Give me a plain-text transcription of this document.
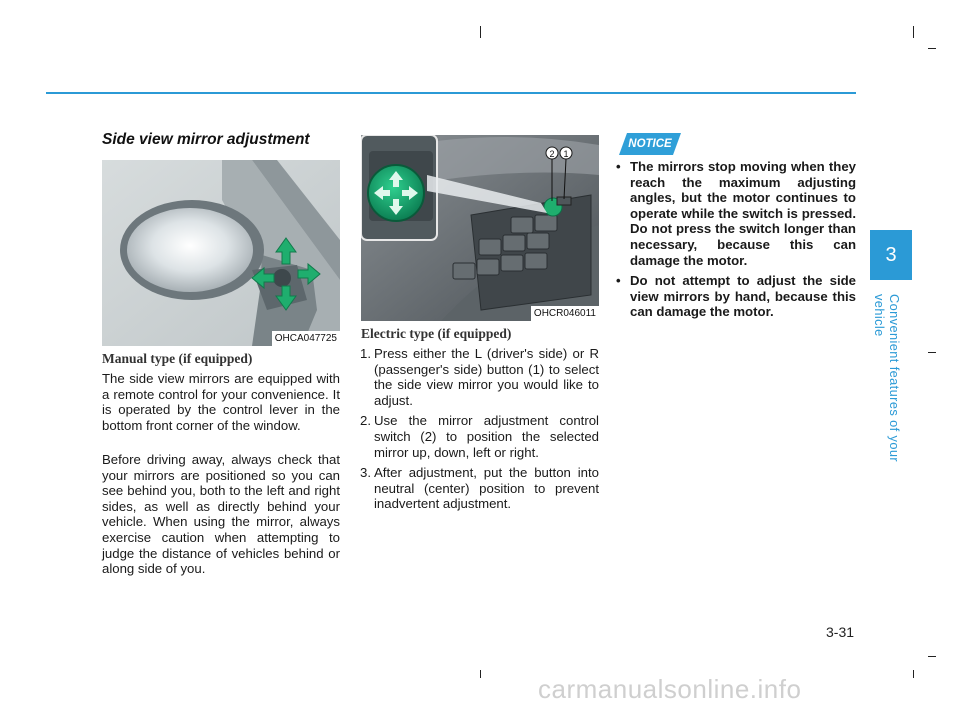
Side view mirror adjustment
OHCA047725
2 1
OHCR046011
Manual type (if equipped)

The side view mirrors are equipped with a remote control for your convenience. It is operated by the control lever in the bottom front corner of the window.

Before driving away, always check that your mirrors are positioned so you can see behind you, both to the left and right sides, as well as directly behind your vehicle. When using the mirror, always exercise caution when attempting to judge the distance of vehicles behind or along side of you.

Electric type (if equipped)
1. Press either the L (driver's side) or R (passenger's side) button (1) to select the side view mirror you would like to adjust.
2. Use the mirror adjustment control switch (2) to position the selected mirror up, down, left or right.
3. After adjustment, put the button into neutral (center) position to prevent inadvertent adjustment.
NOTICE
• The mirrors stop moving when they reach the maximum adjusting angles, but the motor continues to operate while the switch is pressed. Do not press the switch longer than necessary, because this can damage the motor.
• Do not attempt to adjust the side view mirrors by hand, because this can damage the motor.
3
Convenient features of your vehicle
3-31
carmanualsonline.info
